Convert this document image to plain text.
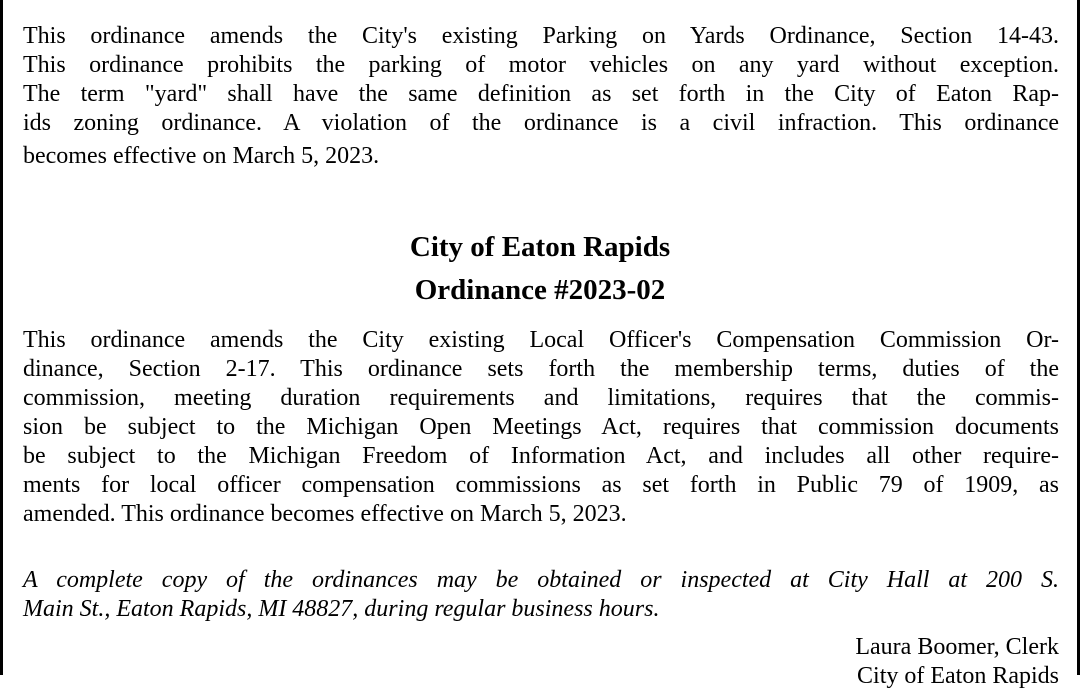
This ordinance amends the City's existing Parking on Yards Ordinance, Section 14-43.
This ordinance prohibits the parking of motor vehicles on any yard without exception.
The term "yard" shall have the same definition as set forth in the City of Eaton Rap-
ids zoning ordinance. A violation of the ordinance is a civil infraction. This ordinance
becomes effective on March 5, 2023.
City of Eaton Rapids
Ordinance #2023-02
This ordinance amends the City existing Local Officer's Compensation Commission Or-
dinance, Section 2-17. This ordinance sets forth the membership terms, duties of the
commission, meeting duration requirements and limitations, requires that the commis-
sion be subject to the Michigan Open Meetings Act, requires that commission documents
be subject to the Michigan Freedom of Information Act, and includes all other require-
ments for local officer compensation commissions as set forth in Public 79 of 1909, as
amended. This ordinance becomes effective on March 5, 2023.
A complete copy of the ordinances may be obtained or inspected at City Hall at 200 S.
Main St., Eaton Rapids, MI 48827, during regular business hours.
Laura Boomer, Clerk
City of Eaton Rapids
